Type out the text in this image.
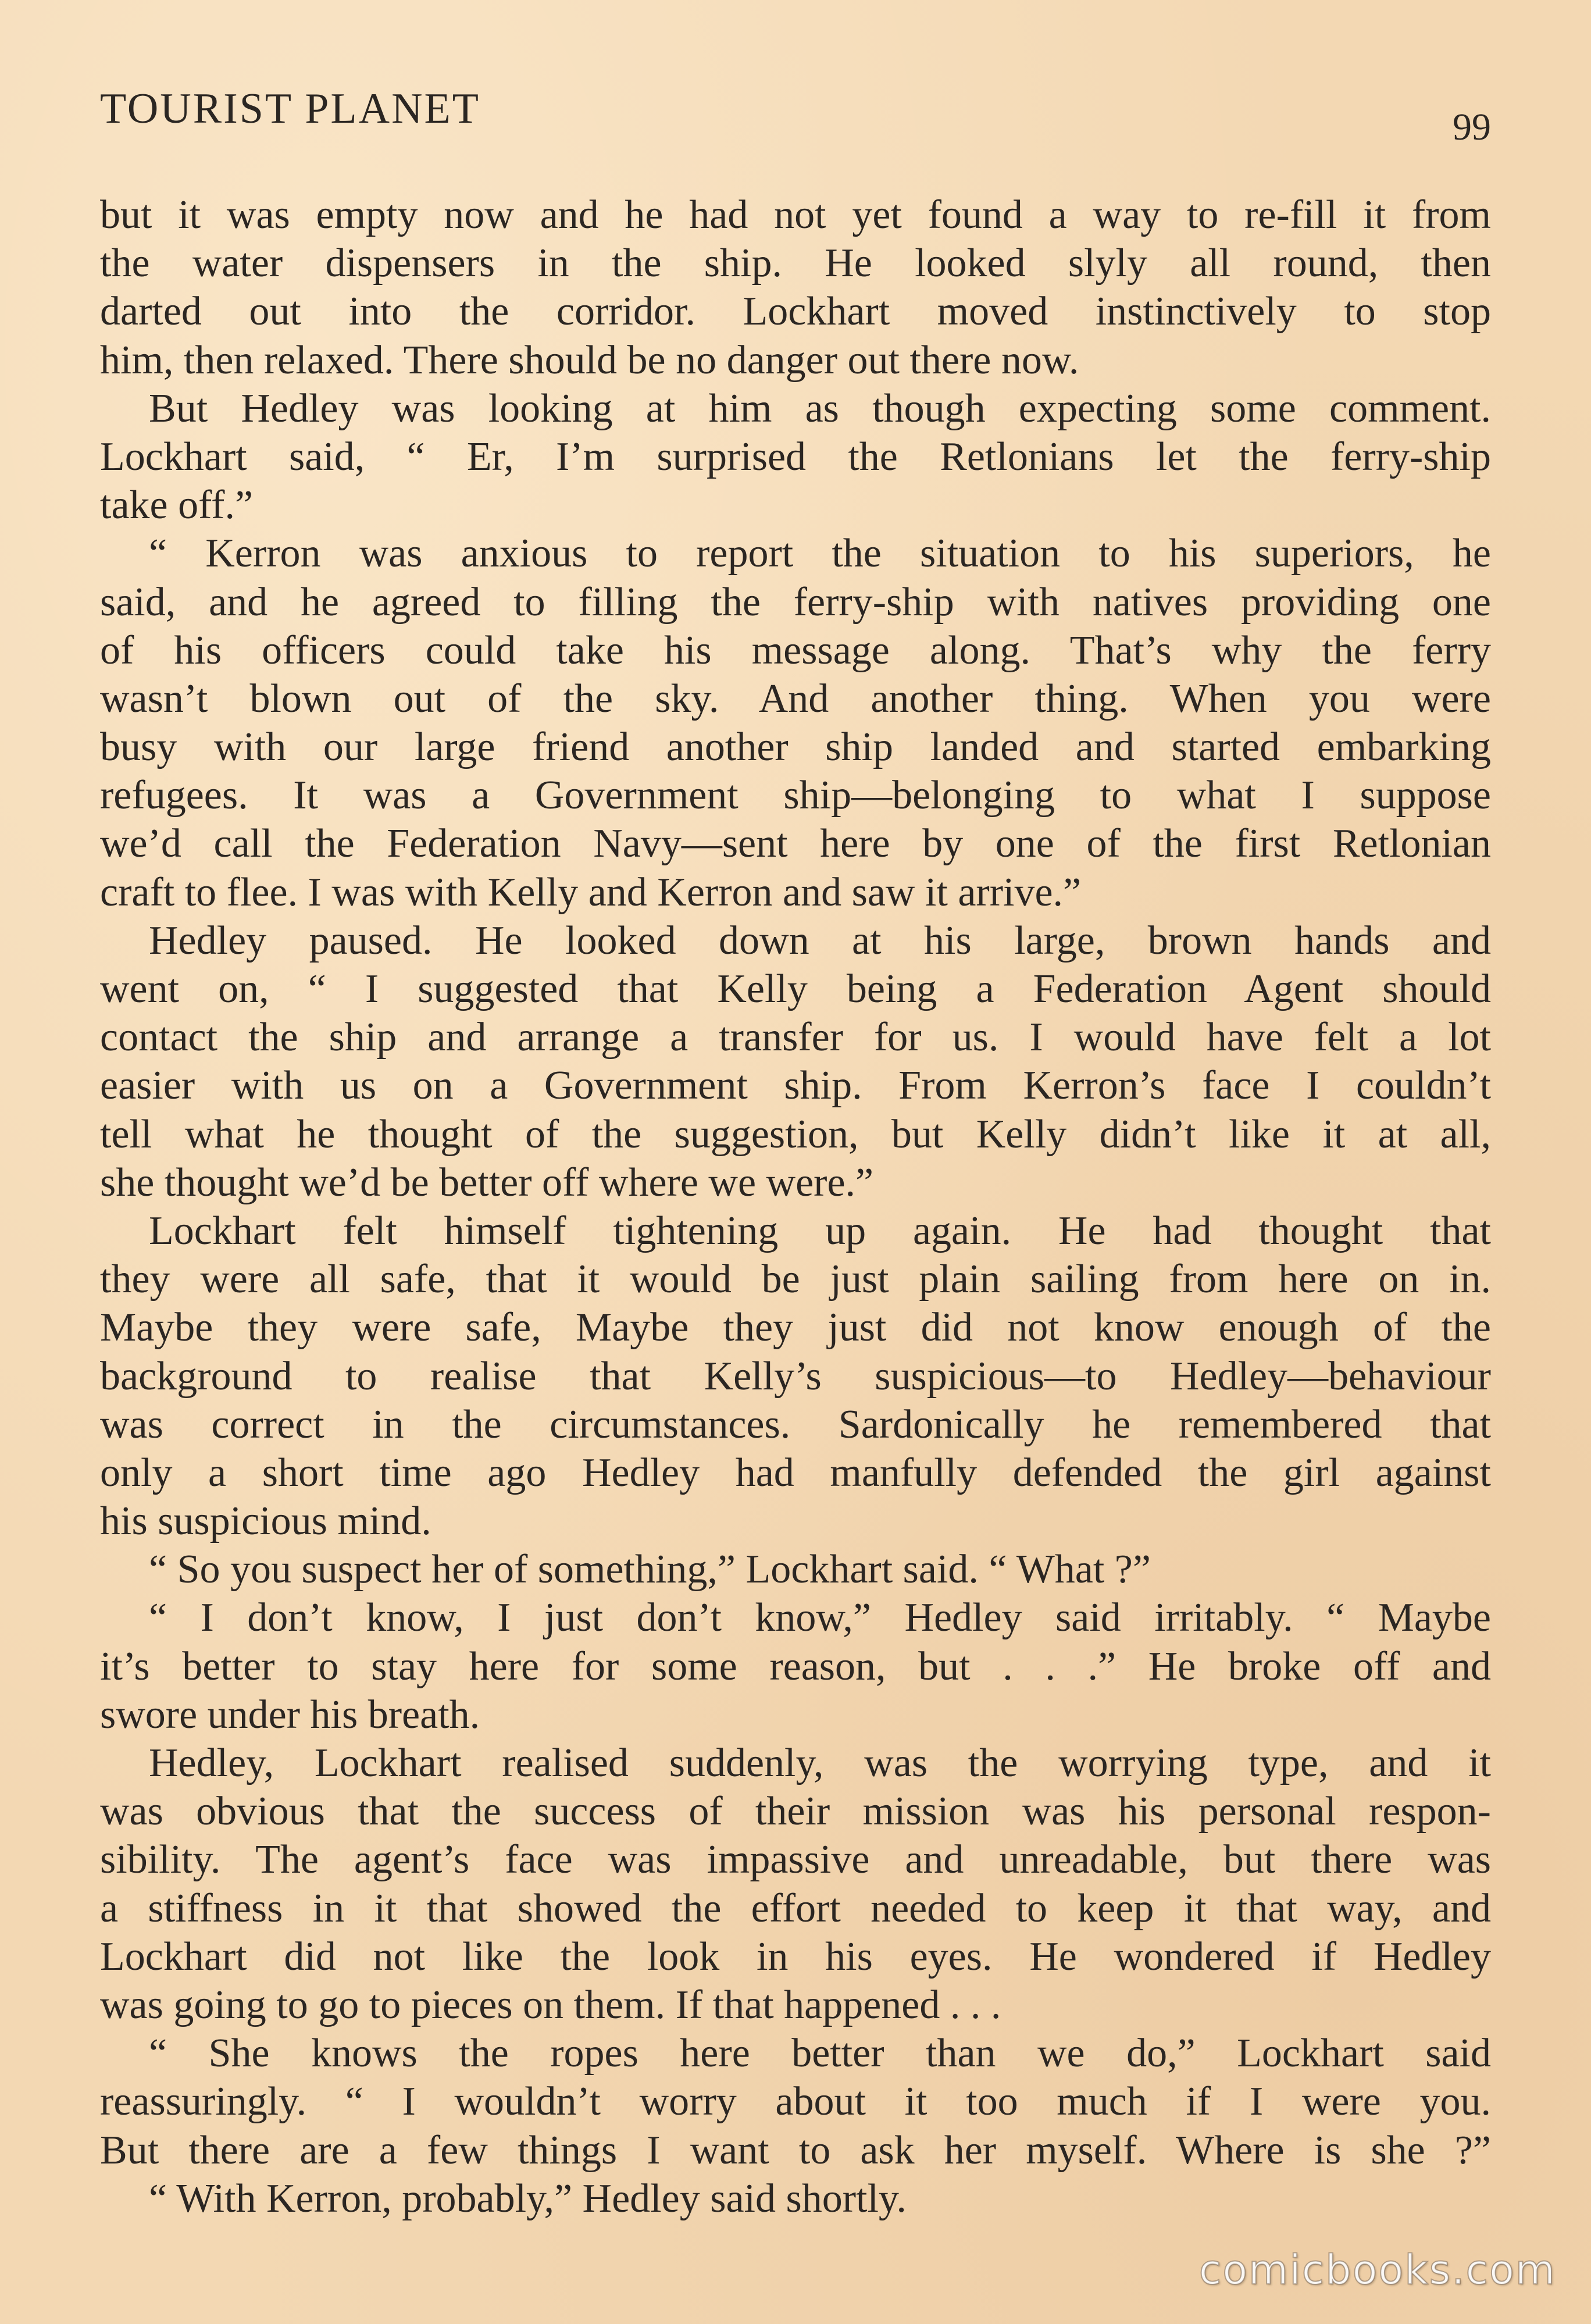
TOURIST PLANET	99
but it was empty now and he had not yet found a way to re-fill it from
the water dispensers in the ship. He looked slyly all round, then
darted out into the corridor. Lockhart moved instinctively to stop
him, then relaxed. There should be no danger out there now.
But Hedley was looking at him as though expecting some comment.
Lockhart said, “ Er, I’m surprised the Retlonians let the ferry-ship
take off.”
“ Kerron was anxious to report the situation to his superiors, he
said, and he agreed to filling the ferry-ship with natives providing one
of his officers could take his message along. That’s why the ferry
wasn’t blown out of the sky. And another thing. When you were
busy with our large friend another ship landed and started embarking
refugees. It was a Government ship—belonging to what I suppose
we’d call the Federation Navy—sent here by one of the first Retlonian
craft to flee. I was with Kelly and Kerron and saw it arrive.”
Hedley paused. He looked down at his large, brown hands and
went on, “ I suggested that Kelly being a Federation Agent should
contact the ship and arrange a transfer for us. I would have felt a lot
easier with us on a Government ship. From Kerron’s face I couldn’t
tell what he thought of the suggestion, but Kelly didn’t like it at all,
she thought we’d be better off where we were.”
Lockhart felt himself tightening up again. He had thought that
they were all safe, that it would be just plain sailing from here on in.
Maybe they were safe, Maybe they just did not know enough of the
background to realise that Kelly’s suspicious—to Hedley—behaviour
was correct in the circumstances. Sardonically he remembered that
only a short time ago Hedley had manfully defended the girl against
his suspicious mind.
“ So you suspect her of something,” Lockhart said. “ What ?”
“ I don’t know, I just don’t know,” Hedley said irritably. “ Maybe
it’s better to stay here for some reason, but . . .” He broke off and
swore under his breath.
Hedley, Lockhart realised suddenly, was the worrying type, and it
was obvious that the success of their mission was his personal respon-
sibility. The agent’s face was impassive and unreadable, but there was
a stiffness in it that showed the effort needed to keep it that way, and
Lockhart did not like the look in his eyes. He wondered if Hedley
was going to go to pieces on them. If that happened . . .
“ She knows the ropes here better than we do,” Lockhart said
reassuringly. “ I wouldn’t worry about it too much if I were you.
But there are a few things I want to ask her myself. Where is she ?”
“ With Kerron, probably,” Hedley said shortly.
comicbooks.com
